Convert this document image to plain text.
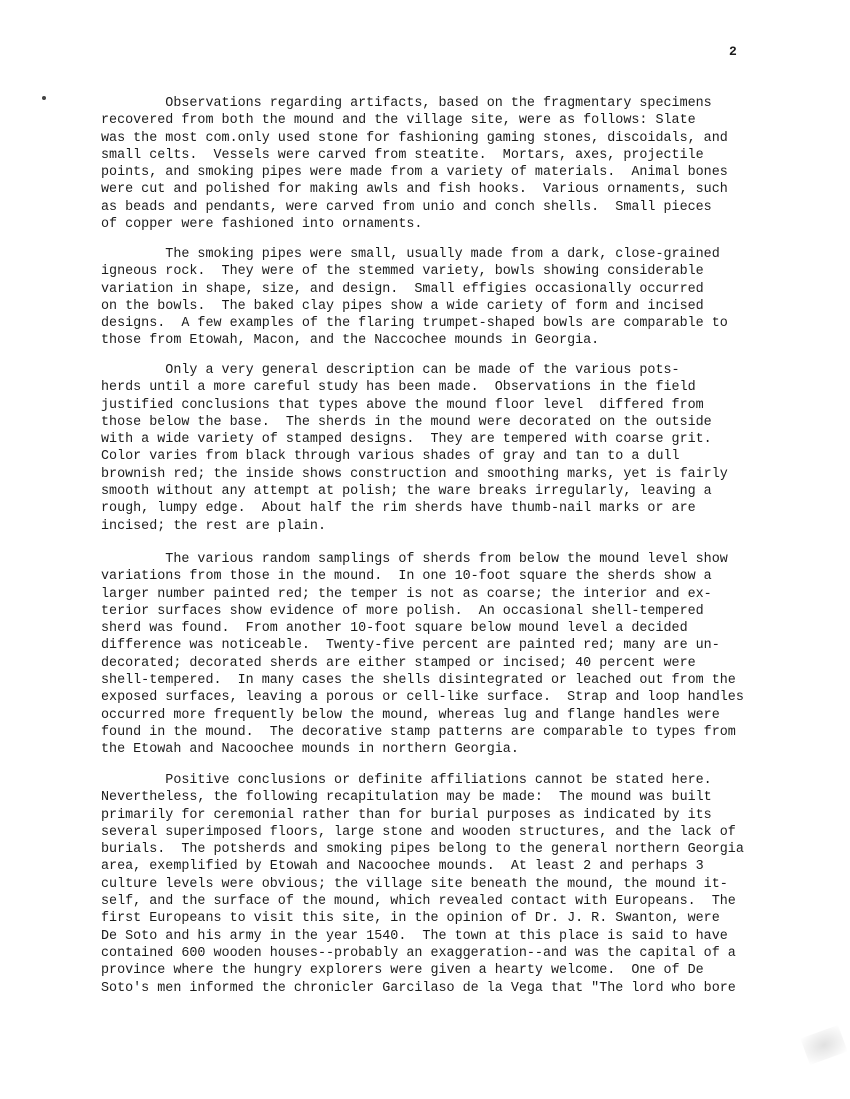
2
Observations regarding artifacts, based on the fragmentary specimens
recovered from both the mound and the village site, were as follows: Slate
was the most com.only used stone for fashioning gaming stones, discoidals, and
small celts.  Vessels were carved from steatite.  Mortars, axes, projectile
points, and smoking pipes were made from a variety of materials.  Animal bones
were cut and polished for making awls and fish hooks.  Various ornaments, such
as beads and pendants, were carved from unio and conch shells.  Small pieces
of copper were fashioned into ornaments.
The smoking pipes were small, usually made from a dark, close-grained
igneous rock.  They were of the stemmed variety, bowls showing considerable
variation in shape, size, and design.  Small effigies occasionally occurred
on the bowls.  The baked clay pipes show a wide cariety of form and incised
designs.  A few examples of the flaring trumpet-shaped bowls are comparable to
those from Etowah, Macon, and the Naccochee mounds in Georgia.
Only a very general description can be made of the various pots-
herds until a more careful study has been made.  Observations in the field
justified conclusions that types above the mound floor level  differed from
those below the base.  The sherds in the mound were decorated on the outside
with a wide variety of stamped designs.  They are tempered with coarse grit.
Color varies from black through various shades of gray and tan to a dull
brownish red; the inside shows construction and smoothing marks, yet is fairly
smooth without any attempt at polish; the ware breaks irregularly, leaving a
rough, lumpy edge.  About half the rim sherds have thumb-nail marks or are
incised; the rest are plain.
The various random samplings of sherds from below the mound level show
variations from those in the mound.  In one 10-foot square the sherds show a
larger number painted red; the temper is not as coarse; the interior and ex-
terior surfaces show evidence of more polish.  An occasional shell-tempered
sherd was found.  From another 10-foot square below mound level a decided
difference was noticeable.  Twenty-five percent are painted red; many are un-
decorated; decorated sherds are either stamped or incised; 40 percent were
shell-tempered.  In many cases the shells disintegrated or leached out from the
exposed surfaces, leaving a porous or cell-like surface.  Strap and loop handles
occurred more frequently below the mound, whereas lug and flange handles were
found in the mound.  The decorative stamp patterns are comparable to types from
the Etowah and Nacoochee mounds in northern Georgia.
Positive conclusions or definite affiliations cannot be stated here.
Nevertheless, the following recapitulation may be made:  The mound was built
primarily for ceremonial rather than for burial purposes as indicated by its
several superimposed floors, large stone and wooden structures, and the lack of
burials.  The potsherds and smoking pipes belong to the general northern Georgia
area, exemplified by Etowah and Nacoochee mounds.  At least 2 and perhaps 3
culture levels were obvious; the village site beneath the mound, the mound it-
self, and the surface of the mound, which revealed contact with Europeans.  The
first Europeans to visit this site, in the opinion of Dr. J. R. Swanton, were
De Soto and his army in the year 1540.  The town at this place is said to have
contained 600 wooden houses--probably an exaggeration--and was the capital of a
province where the hungry explorers were given a hearty welcome.  One of De
Soto's men informed the chronicler Garcilaso de la Vega that "The lord who bore
